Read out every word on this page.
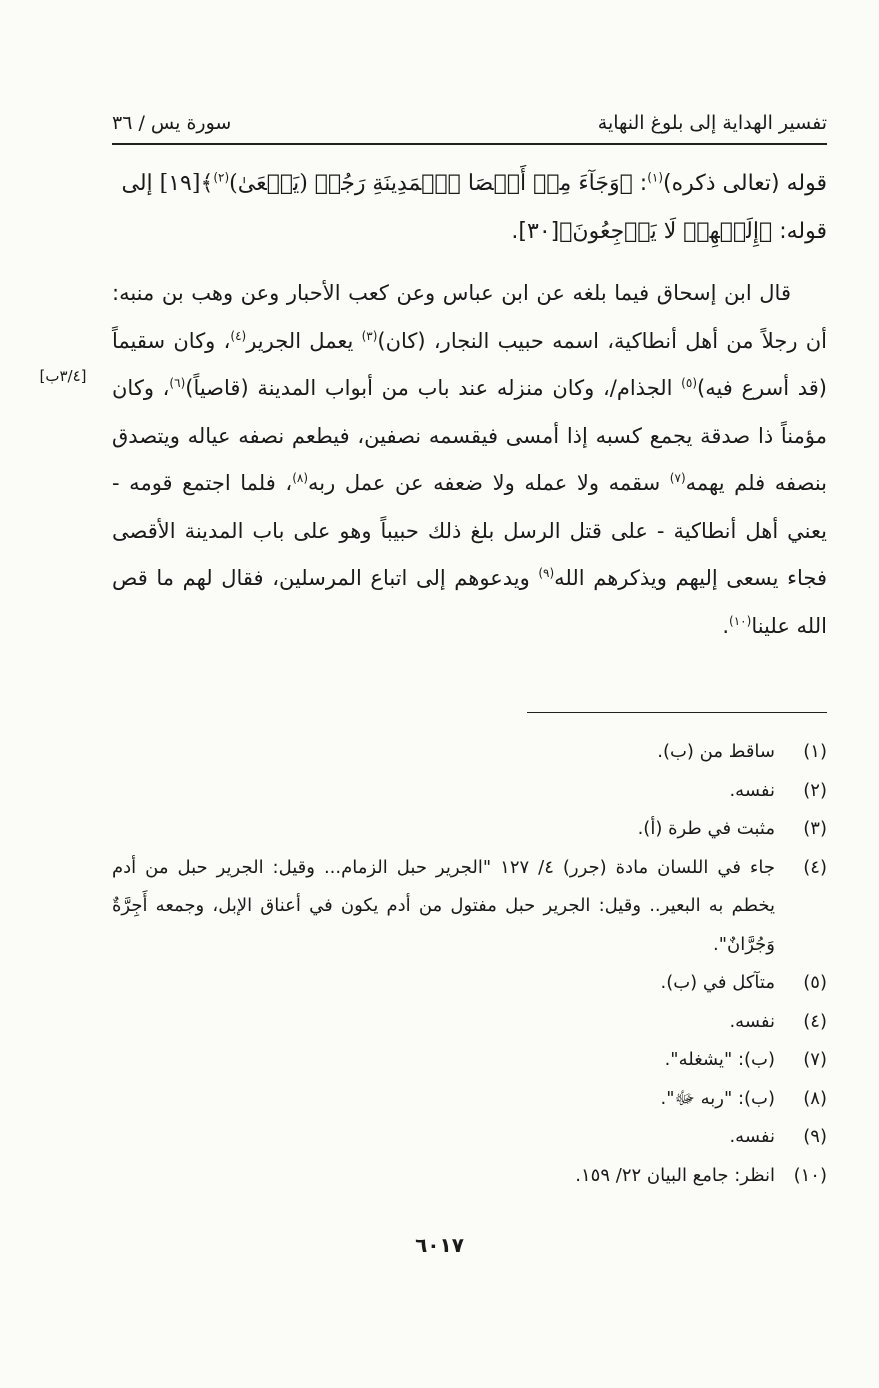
تفسير الهداية إلى بلوغ النهاية
سورة يس / ٣٦
قوله (تعالى ذكره)$^{(١)}$: ﴿وَجَآءَ مِنۡ أَقۡصَا ٱلۡمَدِينَةِ رَجُلٞ (يَسۡعَىٰ)$^{(٢)}$﴾[١٩] إلى
قوله: ﴿إِلَيۡهِمۡ لَا يَرۡجِعُونَ﴾[٣٠].

قال ابن إسحاق فيما بلغه عن ابن عباس وعن كعب الأحبار وعن وهب بن منبه: أن رجلاً من أهل أنطاكية، اسمه حبيب النجار، (كان)$^{(٣)}$ يعمل الجرير$^{(٤)}$، وكان سقيماً (قد أسرع فيه)$^{(٥)}$ الجذام/، وكان منزله عند باب من أبواب المدينة (قاصياً)$^{(٦)}$، وكان مؤمناً ذا صدقة يجمع كسبه إذا أمسى فيقسمه نصفين، فيطعم نصفه عياله ويتصدق بنصفه فلم يهمه$^{(٧)}$ سقمه ولا عمله ولا ضعفه عن عمل ربه$^{(٨)}$، فلما اجتمع قومه - يعني أهل أنطاكية - على قتل الرسل بلغ ذلك حبيباً وهو على باب المدينة الأقصى فجاء يسعى إليهم ويذكرهم الله$^{(٩)}$ ويدعوهم إلى اتباع المرسلين، فقال لهم ما قص الله علينا$^{(١٠)}$.

[٣/٤ب]
(١)
ساقط من (ب).
(٢)
نفسه.
(٣)
مثبت في طرة (أ).
(٤)
جاء في اللسان مادة (جرر) ٤/ ١٢٧ "الجرير حبل الزمام... وقيل: الجرير حبل من أدم يخطم به البعير.. وقيل: الجرير حبل مفتول من أدم يكون في أعناق الإبل، وجمعه أَجِرَّةٌ وَجُرَّانٌ".
(٥)
متآكل في (ب).
(٤)
نفسه.
(٧)
(ب): "يشغله".
(٨)
(ب): "ربه ﷻ".
(٩)
نفسه.
(١٠)
انظر: جامع البيان ٢٢/ ١٥٩.
٦٠١٧
